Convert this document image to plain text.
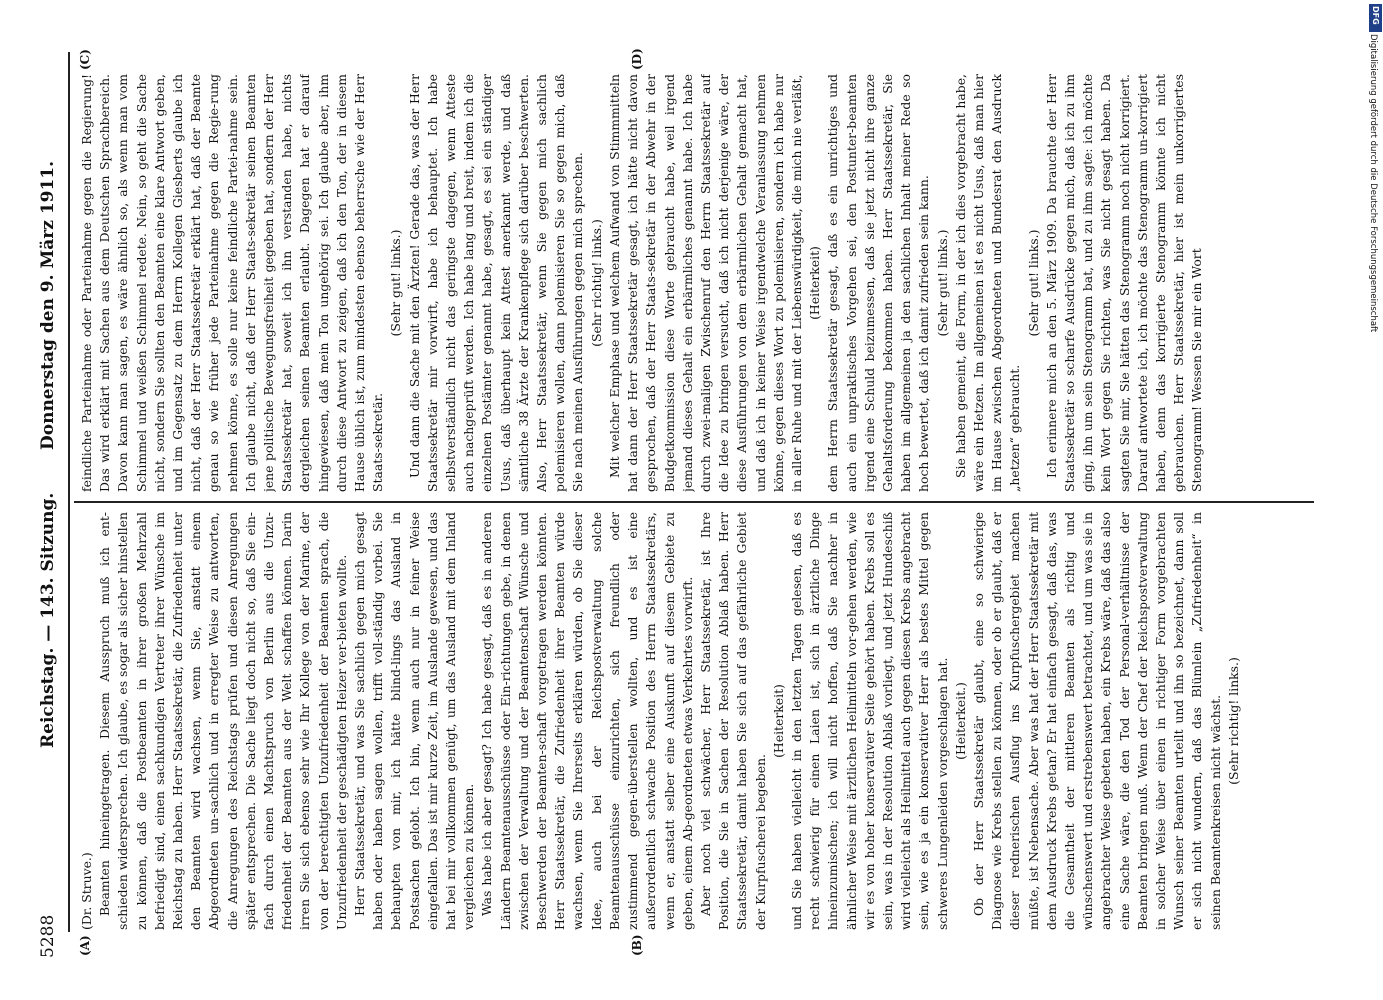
5288
Reichstag. — 143. Sitzung.
Donnerstag den 9. März 1911.
(A)	(B)
(C)	(D)

(Dr. Struve.) Beamten hineingetragen. Diesem Ausspruch muß ich ent-schieden widersprechen. Ich glaube, es sogar als sicher hinstellen zu können, daß die Postbeamten in ihrer großen Mehrzahl befriedigt sind, einen sachkundigen Vertreter ihrer Wünsche im Reichstag zu haben. Herr Staatssekretär, die Zufriedenheit unter den Beamten wird wachsen, wenn Sie, anstatt einem Abgeordneten un-sachlich und in erregter Weise zu antworten, die Anregungen des Reichstags prüfen und diesen Anregungen später entsprechen. Die Sache liegt doch nicht so, daß Sie ein-fach durch einen Machtspruch von Berlin aus die Unzu-friedenheit der Beamten aus der Welt schaffen können. Darin irren Sie sich ebenso sehr wie Ihr Kollege von der Marine, der von der berechtigten Unzufriedenheit der Beamten sprach, die Unzufriedenheit der geschädigten Heizer ver-bieten wollte. Herr Staatssekretär, und was Sie sachlich gegen mich gesagt haben oder haben sagen wollen, trifft voll-ständig vorbei. Sie behaupten von mir, ich hätte blind-lings das Ausland in Postsachen gelobt. Ich bin, wenn auch nur in feiner Weise eingefallen. Das ist mir kurze Zeit, im Auslande gewesen, und das hat bei mir vollkommen genügt, um das Ausland mit dem Inland vergleichen zu können. Was habe ich aber gesagt? Ich habe gesagt, daß es in anderen Ländern Beamtenausschüsse oder Ein-richtungen gebe, in denen zwischen der Verwaltung und der Beamtenschaft Wünsche und Beschwerden der Beamten-schaft vorgetragen werden könnten. Herr Staatssekretär, die Zufriedenheit ihrer Beamten würde wachsen, wenn Sie Ihrerseits erklären würden, ob Sie dieser Idee, auch bei der Reichspostverwaltung solche Beamtenausschüsse einzurichten, sich freundlich oder zustimmend gegen-überstellen wollten, und es ist eine außerordentlich schwache Position des Herrn Staatssekretärs, wenn er, anstatt selber eine Auskunft auf diesem Gebiete zu geben, einem Ab-geordneten etwas Verkehrtes vorwirft. Aber noch viel schwächer, Herr Staatssekretär, ist Ihre Position, die Sie in Sachen der Resolution Ablaß haben. Herr Staatssekretär, damit haben Sie sich auf das gefährliche Gebiet der Kurpfuscherei begeben.

(Heiterkeit) und Sie haben vielleicht in den letzten Tagen gelesen, daß es recht schwierig für einen Laien ist, sich in ärztliche Dinge hineinzumischen; ich will nicht hoffen, daß Sie nachher in ähnlicher Weise mit ärztlichen Heilmitteln vor-gehen werden, wie wir es von hoher konservativer Seite gehört haben. Krebs soll es sein, was in der Resolution Ablaß vorliegt, und jetzt Hundeschiß wird vielleicht als Heilmittel auch gegen diesen Krebs angebracht sein, wie es ja ein konservativer Herr als bestes Mittel gegen schweres Lungenleiden vorgeschlagen hat. (Heiterkeit.) Ob der Herr Staatssekretär glaubt, eine so schwierige Diagnose wie Krebs stellen zu können, oder ob er glaubt, daß er dieser rednerischen Ausflug ins Kurpfuschergebiet machen müßte, ist Nebensache. Aber was hat der Herr Staatssekretär mit dem Ausdruck Krebs getan? Er hat einfach gesagt, daß das, was die Gesamtheit der mittleren Beamten als richtig und wünschenswert und erstrebenswert betrachtet, und um was sie in angebrachter Weise gebeten haben, ein Krebs wäre, daß das also eine Sache wäre, die den Tod der Personal-verhältnisse der Beamten bringen muß. Wenn der Chef der Reichspostverwaltung in solcher Weise über einen in richtiger Form vorgebrachten Wunsch seiner Beamten urteilt und ihn so bezeichnet, dann soll er sich nicht wundern, daß das Blümlein „Zufriedenheit“ in seinen Beamtenkreisen nicht wächst. (Sehr richtig! links.)

feindliche Parteinahme oder Parteinahme gegen die Regierung! Das wird erklärt mit Sachen aus dem Deutschen Sprachbereich. Davon kann man sagen, es wäre ähnlich so, als wenn man vom Schimmel und weißen Schimmel redete. Nein, so geht die Sache nicht, sondern Sie sollten den Beamten eine klare Antwort geben, und im Gegensatz zu dem Herrn Kollegen Giesberts glaube ich nicht, daß der Herr Staatssekretär erklärt hat, daß der Beamte genau so wie früher jede Parteinahme gegen die Regie-rung nehmen könne, es solle nur keine feindliche Partei-nahme sein. Ich glaube nicht, daß der Herr Staats-sekretär seinen Beamten jene politische Bewegungsfreiheit gegeben hat, sondern der Herr Staatssekretär hat, soweit ich ihn verstanden habe, nichts dergleichen seinen Beamten erlaubt. Dagegen hat er darauf hingewiesen, daß mein Ton ungehörig sei. Ich glaube aber, ihm durch diese Antwort zu zeigen, daß ich den Ton, der in diesem Hause üblich ist, zum mindesten ebenso beherrsche wie der Herr Staats-sekretär.

(Sehr gut! links.) Und dann die Sache mit den Ärzten! Gerade das, was der Herr Staatssekretär mir vorwirft, habe ich behauptet. Ich habe selbstverständlich nicht das geringste dagegen, wenn Atteste auch nachgeprüft werden. Ich habe lang und breit, indem ich die einzelnen Postämter genannt habe, gesagt, es sei ein ständiger Usus, daß überhaupt kein Attest anerkannt werde, und daß sämtliche 38 Ärzte der Krankenpflege sich darüber beschwerten. Also, Herr Staatssekretär, wenn Sie gegen mich sachlich polemisieren wollen, dann polemisieren Sie so gegen mich, daß Sie nach meinen Ausführungen gegen mich sprechen. (Sehr richtig! links.) Mit welcher Emphase und welchem Aufwand von Stimmmitteln hat dann der Herr Staatssekretär gesagt, ich hätte nicht davon gesprochen, daß der Herr Staats-sekretär in der Abwehr in der Budgetkommission diese Worte gebraucht habe, weil irgend jemand dieses Gehalt ein erbärmliches genannt habe. Ich habe durch zwei-maligen Zwischenruf den Herrn Staatssekretär auf die Idee zu bringen versucht, daß ich nicht derjenige wäre, der diese Ausführungen von dem erbärmlichen Gehalt gemacht hat, und daß ich in keiner Weise irgendwelche Veranlassung nehmen könne, gegen dieses Wort zu polemisieren, sondern ich habe nur in aller Ruhe und mit der Liebenswürdigkeit, die mich nie verläßt, (Heiterkeit) dem Herrn Staatssekretär gesagt, daß es ein unrichtiges und auch ein unpraktisches Vorgehen sei, den Postunter-beamten irgend eine Schuld beizumessen, daß sie jetzt nicht ihre ganze Gehaltsforderung bekommen haben. Herr Staatssekretär, Sie haben im allgemeinen ja den sachlichen Inhalt meiner Rede so hoch bewertet, daß ich damit zufrieden sein kann. (Sehr gut! links.) Sie haben gemeint, die Form, in der ich dies vorgebracht habe, wäre ein Hetzen. Im allgemeinen ist es nicht Usus, daß man hier im Hause zwischen Abgeordneten und Bundesrat den Ausdruck „hetzen“ gebraucht.

(Sehr gut! links.) Ich erinnere mich an den 5. März 1909. Da brauchte der Herr Staatssekretär so scharfe Ausdrücke gegen mich, daß ich zu ihm ging, ihn um sein Stenogramm bat, und zu ihm sagte: ich möchte kein Wort gegen Sie richten, was Sie nicht gesagt haben. Da sagten Sie mir, Sie hätten das Stenogramm noch nicht korrigiert. Darauf antwortete ich, ich möchte das Stenogramm un-korrigiert haben, denn das korrigierte Stenogramm könnte ich nicht gebrauchen. Herr Staatssekretär, hier ist mein unkorrigiertes Stenogramm! Wessen Sie mir ein Wort

DFG
Digitalisierung gefördert durch die Deutsche Forschungsgemeinschaft
